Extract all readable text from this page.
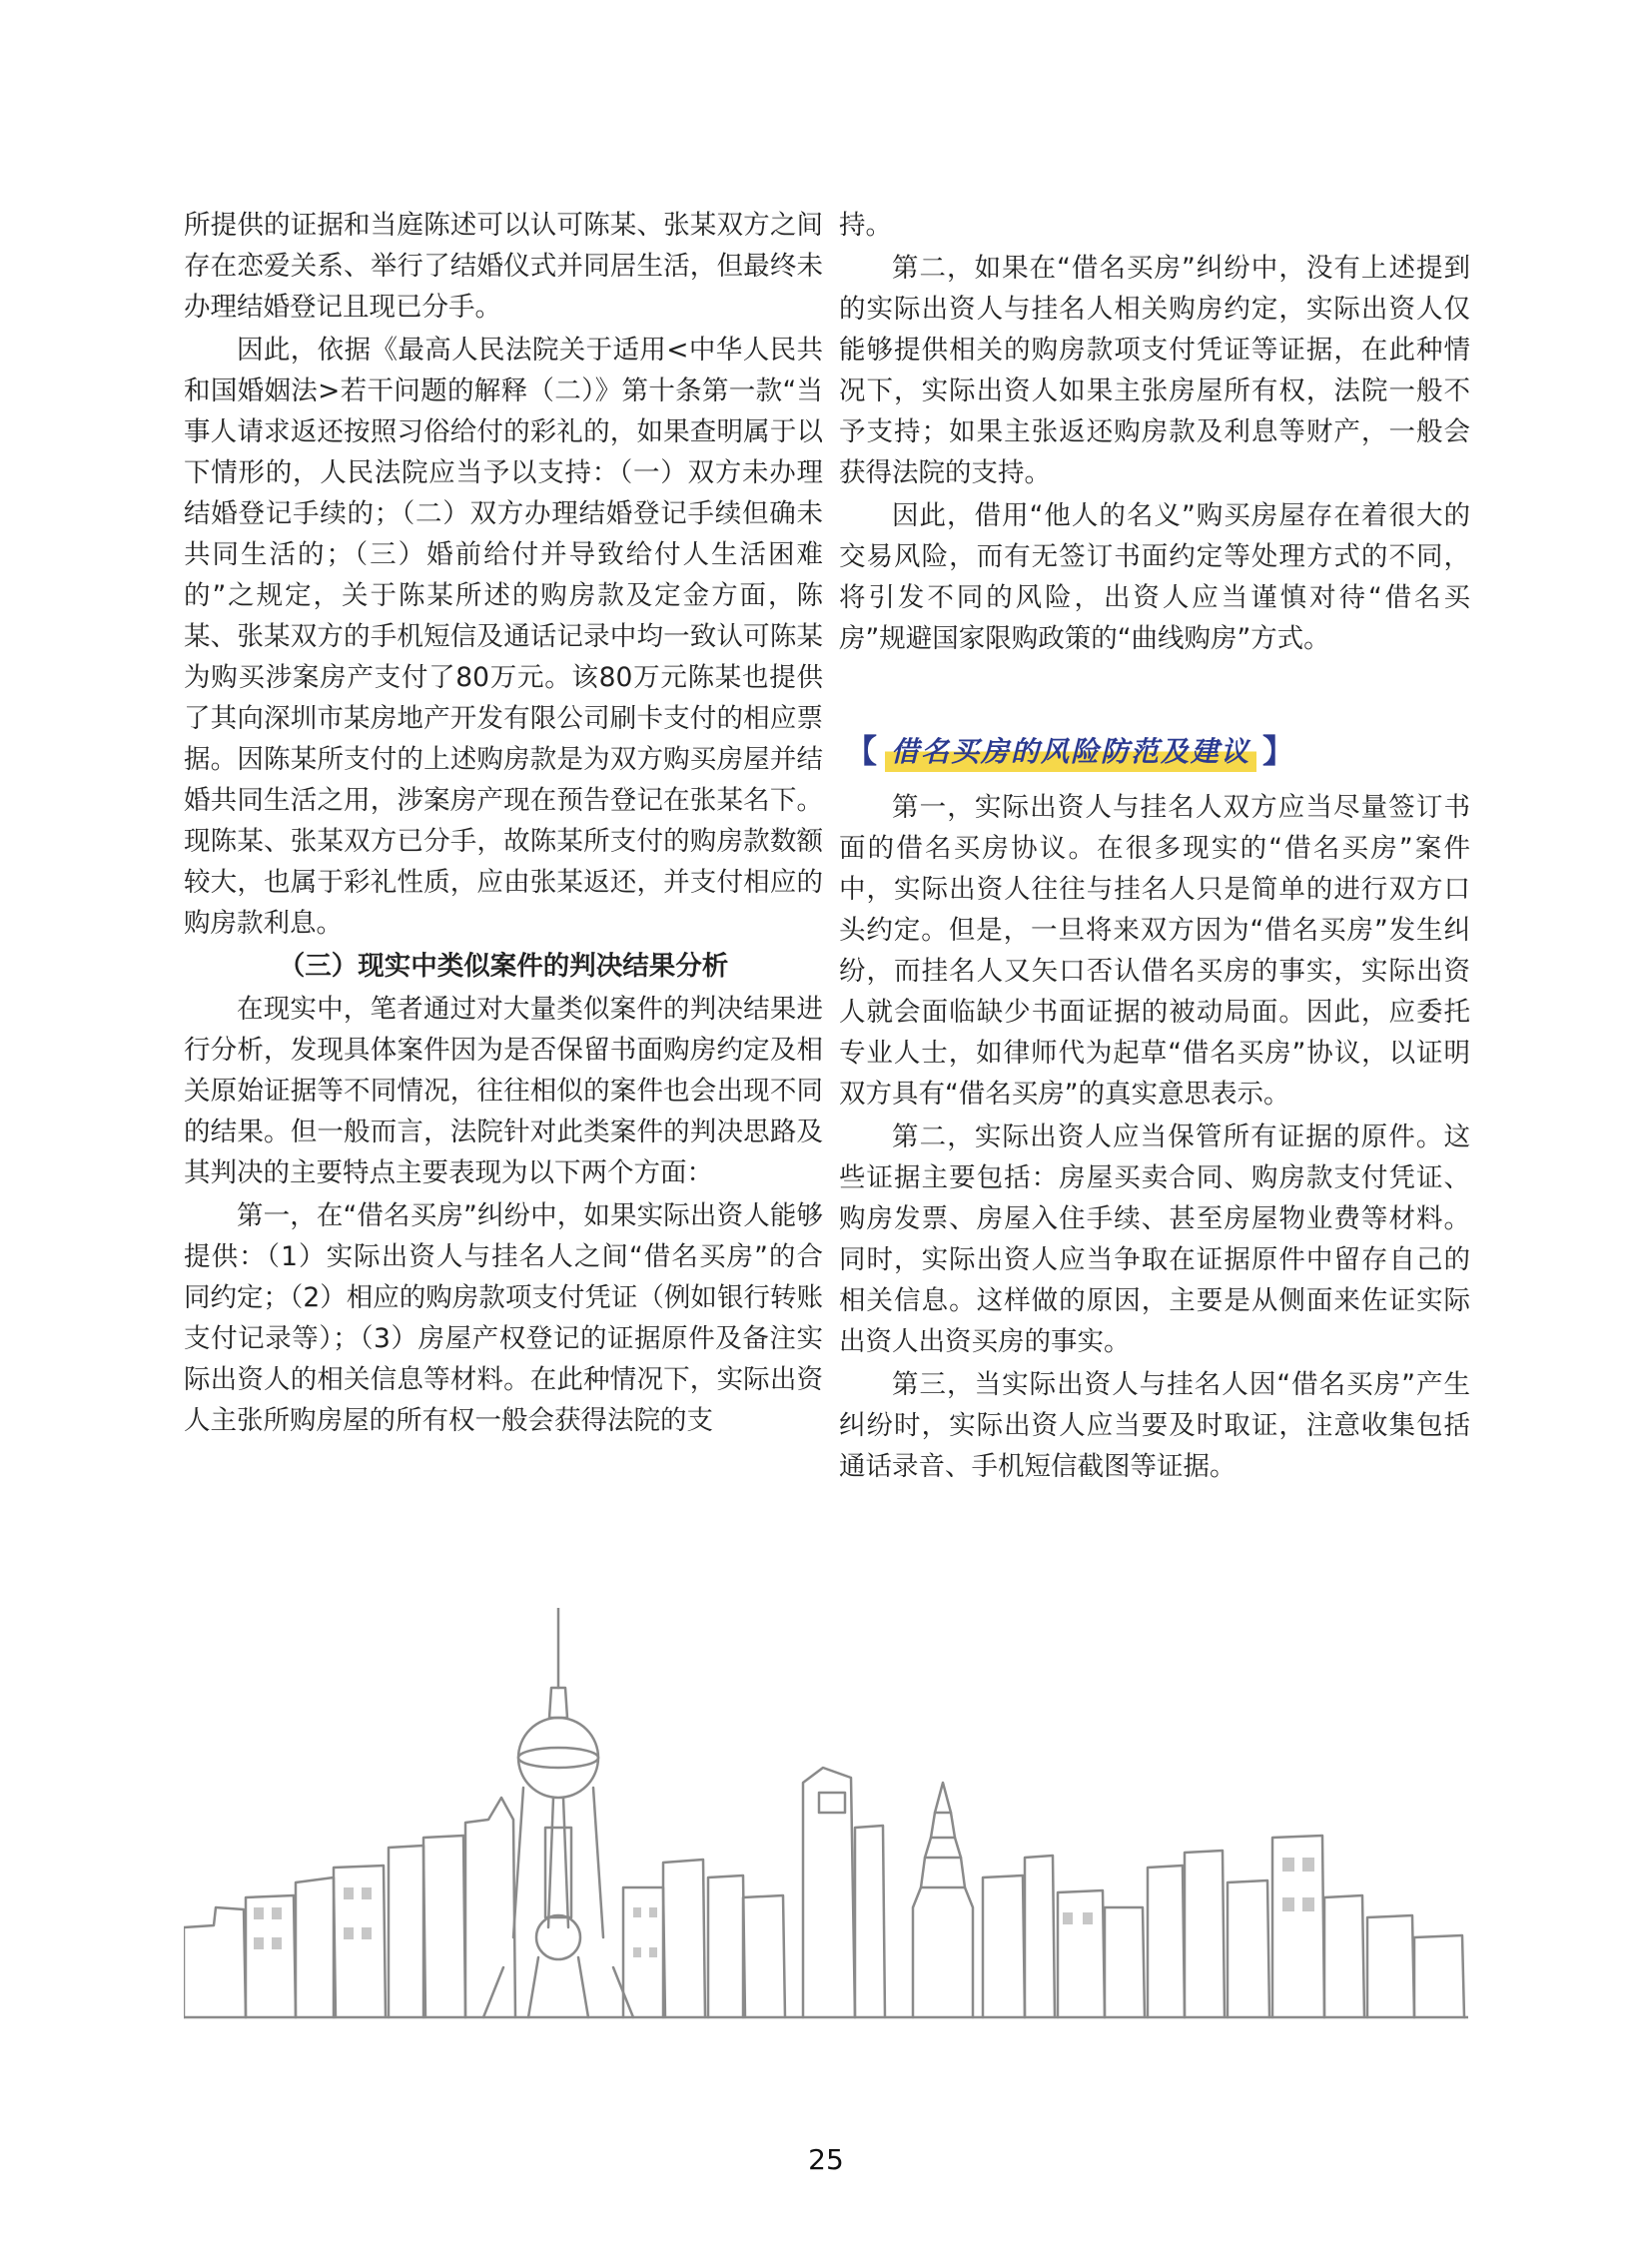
所提供的证据和当庭陈述可以认可陈某、张某双方之间存在恋爱关系、举行了结婚仪式并同居生活，但最终未办理结婚登记且现已分手。

因此，依据《最高人民法院关于适用<中华人民共和国婚姻法>若干问题的解释（二）》第十条第一款“当事人请求返还按照习俗给付的彩礼的，如果查明属于以下情形的，人民法院应当予以支持：（一）双方未办理结婚登记手续的；（二）双方办理结婚登记手续但确未共同生活的；（三）婚前给付并导致给付人生活困难的”之规定，关于陈某所述的购房款及定金方面，陈某、张某双方的手机短信及通话记录中均一致认可陈某为购买涉案房产支付了80万元。该80万元陈某也提供了其向深圳市某房地产开发有限公司刷卡支付的相应票据。因陈某所支付的上述购房款是为双方购买房屋并结婚共同生活之用，涉案房产现在预告登记在张某名下。现陈某、张某双方已分手，故陈某所支付的购房款数额较大，也属于彩礼性质，应由张某返还，并支付相应的购房款利息。

（三）现实中类似案件的判决结果分析

在现实中，笔者通过对大量类似案件的判决结果进行分析，发现具体案件因为是否保留书面购房约定及相关原始证据等不同情况，往往相似的案件也会出现不同的结果。但一般而言，法院针对此类案件的判决思路及其判决的主要特点主要表现为以下两个方面：

第一，在“借名买房”纠纷中，如果实际出资人能够提供：（1）实际出资人与挂名人之间“借名买房”的合同约定；（2）相应的购房款项支付凭证（例如银行转账支付记录等）；（3）房屋产权登记的证据原件及备注实际出资人的相关信息等材料。在此种情况下，实际出资人主张所购房屋的所有权一般会获得法院的支

持。

第二，如果在“借名买房”纠纷中，没有上述提到的实际出资人与挂名人相关购房约定，实际出资人仅能够提供相关的购房款项支付凭证等证据，在此种情况下，实际出资人如果主张房屋所有权，法院一般不予支持；如果主张返还购房款及利息等财产，一般会获得法院的支持。

因此，借用“他人的名义”购买房屋存在着很大的交易风险，而有无签订书面约定等处理方式的不同，将引发不同的风险，出资人应当谨慎对待“借名买房”规避国家限购政策的“曲线购房”方式。

【 借名买房的风险防范及建议 】

第一，实际出资人与挂名人双方应当尽量签订书面的借名买房协议。在很多现实的“借名买房”案件中，实际出资人往往与挂名人只是简单的进行双方口头约定。但是，一旦将来双方因为“借名买房”发生纠纷，而挂名人又矢口否认借名买房的事实，实际出资人就会面临缺少书面证据的被动局面。因此，应委托专业人士，如律师代为起草“借名买房”协议，以证明双方具有“借名买房”的真实意思表示。

第二，实际出资人应当保管所有证据的原件。这些证据主要包括：房屋买卖合同、购房款支付凭证、购房发票、房屋入住手续、甚至房屋物业费等材料。同时，实际出资人应当争取在证据原件中留存自己的相关信息。这样做的原因，主要是从侧面来佐证实际出资人出资买房的事实。

第三，当实际出资人与挂名人因“借名买房”产生纠纷时，实际出资人应当要及时取证，注意收集包括通话录音、手机短信截图等证据。

25
